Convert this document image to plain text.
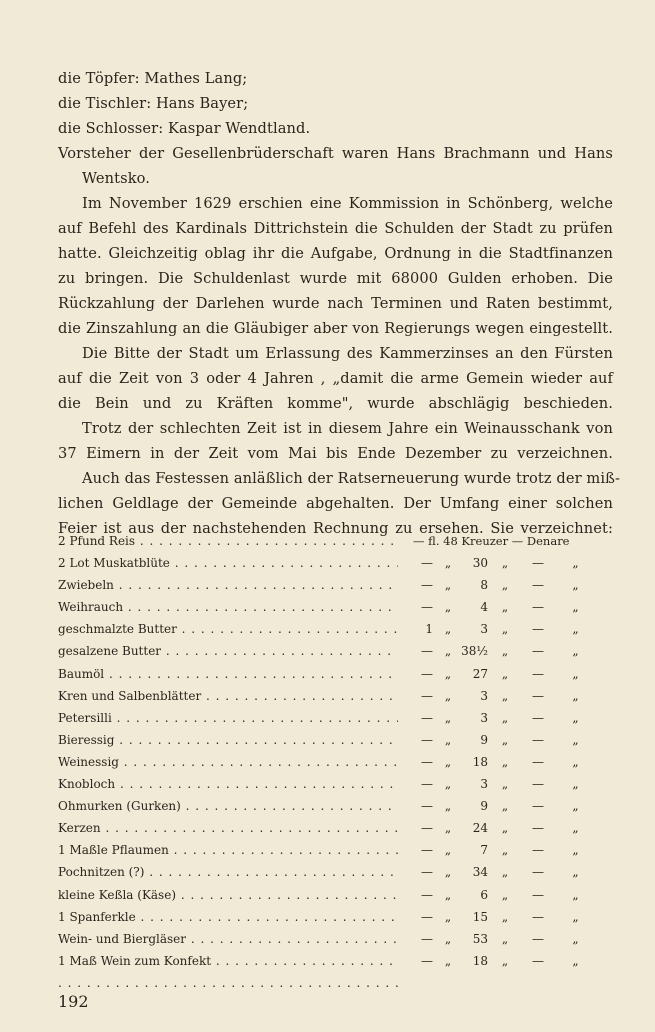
die Töpfer: Mathes Lang;
die Tischler: Hans Bayer;
die Schlosser: Kaspar Wendtland.
Vorsteher der Gesellenbrüderschaft waren Hans Brachmann und Hans
Wentsko.
Im November 1629 erschien eine Kommission in Schönberg, welche
auf Befehl des Kardinals Dittrichstein die Schulden der Stadt zu prüfen
hatte. Gleichzeitig oblag ihr die Aufgabe, Ordnung in die Stadtfinanzen
zu bringen. Die Schuldenlast wurde mit 68000 Gulden erhoben. Die
Rückzahlung der Darlehen wurde nach Terminen und Raten bestimmt,
die Zinszahlung an die Gläubiger aber von Regierungs wegen eingestellt.
Die Bitte der Stadt um Erlassung des Kammerzinses an den Fürsten
auf die Zeit von 3 oder 4 Jahren , „damit die arme Gemein wieder auf
die Bein und zu Kräften komme", wurde abschlägig beschieden.
Trotz der schlechten Zeit ist in diesem Jahre ein Weinausschank von
37 Eimern in der Zeit vom Mai bis Ende Dezember zu verzeichnen.
Auch das Festessen anläßlich der Ratserneuerung wurde trotz der miß-
lichen Geldlage der Gemeinde abgehalten. Der Umfang einer solchen
Feier ist aus der nachstehenden Rechnung zu ersehen. Sie verzeichnet:
2 Pfund Reis . . .	— fl. 48 Kreuzer — Denare
2 Lot Muskatblüte . . .	— „	30	„	—	„
Zwiebeln . . .	— „	8	„	—	„
Weihrauch . . .	— „	4	„	—	„
geschmalzte Butter . . .	1 „	3	„	—	„
gesalzene Butter . . .	— „ 38½	„	—	„
Baumöl . . .	— „	27	„	—	„
Kren und Salbenblätter . . .	— „	3	„	—	„
Petersilli . . .	— „	3	„	—	„
Bieressig . . .	— „	9	„	—	„
Weinessig . . .	— „	18	„	—	„
Knobloch . . .	— „	3	„	—	„
Ohmurken (Gurken) . . .	— „	9	„	—	„
Kerzen . . .	— „	24	„	—	„
1 Maßle Pflaumen . . .	— „	7	„	—	„
Pochnitzen (?) . . .	— „	34	„	—	„
kleine Keßla (Käse) . . .	— „	6	„	—	„
1 Spanferkle . . .	— „	15	„	—	„
Wein- und Biergläser . . .	— „	53	„	—	„
1 Maß Wein zum Konfekt . . .	— „	18	„	—	„
. . .
192
